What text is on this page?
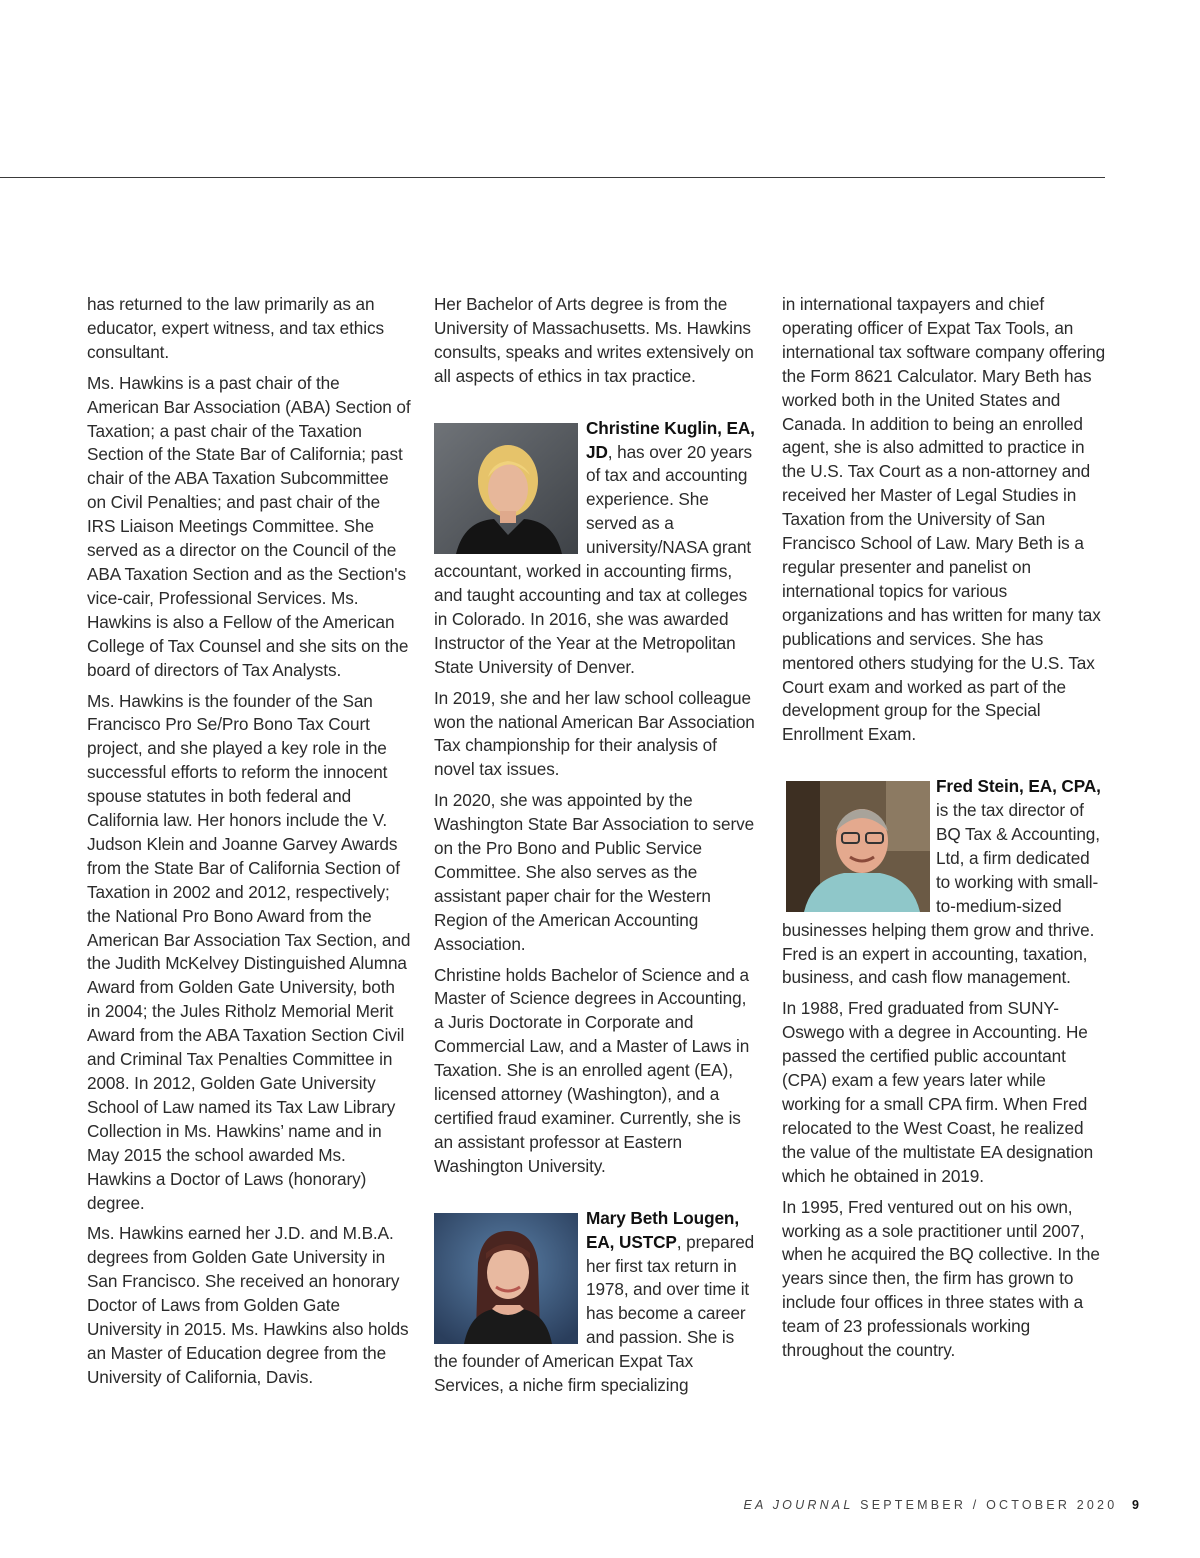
has returned to the law primarily as an educator, expert witness, and tax ethics consultant.

Ms. Hawkins is a past chair of the American Bar Association (ABA) Section of Taxation; a past chair of the Taxation Section of the State Bar of California; past chair of the ABA Taxation Subcommittee on Civil Penalties; and past chair of the IRS Liaison Meetings Committee. She served as a director on the Council of the ABA Taxation Section and as the Section's vice-cair, Professional Services. Ms. Hawkins is also a Fellow of the American College of Tax Counsel and she sits on the board of directors of Tax Analysts.

Ms. Hawkins is the founder of the San Francisco Pro Se/Pro Bono Tax Court project, and she played a key role in the successful efforts to reform the innocent spouse statutes in both federal and California law. Her honors include the V. Judson Klein and Joanne Garvey Awards from the State Bar of California Section of Taxation in 2002 and 2012, respectively; the National Pro Bono Award from the American Bar Association Tax Section, and the Judith McKelvey Distinguished Alumna Award from Golden Gate University, both in 2004; the Jules Ritholz Memorial Merit Award from the ABA Taxation Section Civil and Criminal Tax Penalties Committee in 2008. In 2012, Golden Gate University School of Law named its Tax Law Library Collection in Ms. Hawkins’ name and in May 2015 the school awarded Ms. Hawkins a Doctor of Laws (honorary) degree.

Ms. Hawkins earned her J.D. and M.B.A. degrees from Golden Gate University in San Francisco. She received an honorary Doctor of Laws from Golden Gate University in 2015. Ms. Hawkins also holds an Master of Education degree from the University of California, Davis.

Her Bachelor of Arts degree is from the University of Massachusetts. Ms. Hawkins consults, speaks and writes extensively on all aspects of ethics in tax practice.

Christine Kuglin, EA, JD, has over 20 years of tax and accounting experience. She served as a university/NASA grant accountant, worked in accounting firms, and taught accounting and tax at colleges in Colorado. In 2016, she was awarded Instructor of the Year at the Metropolitan State University of Denver.

In 2019, she and her law school colleague won the national American Bar Association Tax championship for their analysis of novel tax issues.

In 2020, she was appointed by the Washington State Bar Association to serve on the Pro Bono and Public Service Committee. She also serves as the assistant paper chair for the Western Region of the American Accounting Association.

Christine holds Bachelor of Science and a Master of Science degrees in Accounting, a Juris Doctorate in Corporate and Commercial Law, and a Master of Laws in Taxation. She is an enrolled agent (EA), licensed attorney (Washington), and a certified fraud examiner. Currently, she is an assistant professor at Eastern Washington University.

Mary Beth Lougen, EA, USTCP, prepared her first tax return in 1978, and over time it has become a career and passion. She is the founder of American Expat Tax Services, a niche firm specializing

in international taxpayers and chief operating officer of Expat Tax Tools, an international tax software company offering the Form 8621 Calculator. Mary Beth has worked both in the United States and Canada. In addition to being an enrolled agent, she is also admitted to practice in the U.S. Tax Court as a non-attorney and received her Master of Legal Studies in Taxation from the University of San Francisco School of Law. Mary Beth is a regular presenter and panelist on international topics for various organizations and has written for many tax publications and services. She has mentored others studying for the U.S. Tax Court exam and worked as part of the development group for the Special Enrollment Exam.

Fred Stein, EA, CPA, is the tax director of BQ Tax & Accounting, Ltd, a firm dedicated to working with small-to-medium-sized businesses helping them grow and thrive. Fred is an expert in accounting, taxation, business, and cash flow management.

In 1988, Fred graduated from SUNY-Oswego with a degree in Accounting. He passed the certified public accountant (CPA) exam a few years later while working for a small CPA firm. When Fred relocated to the West Coast, he realized the value of the multistate EA designation which he obtained in 2019.

In 1995, Fred ventured out on his own, working as a sole practitioner until 2007, when he acquired the BQ collective. In the years since then, the firm has grown to include four offices in three states with a team of 23 professionals working throughout the country.

EA JOURNAL SEPTEMBER / OCTOBER 2020 9
